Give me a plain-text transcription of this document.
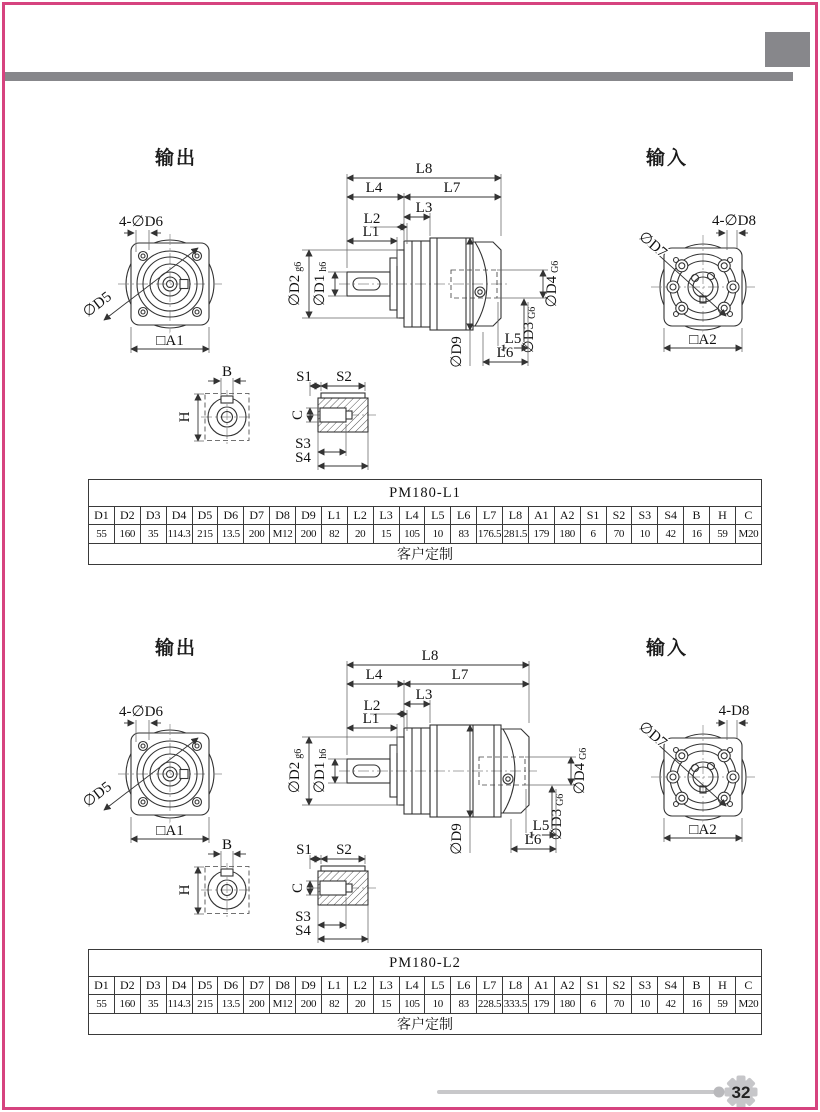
输出	输入
4-∅D6
∅D5
□A1
L8
L4	L7
L3
L2
L1
∅D2g6
∅D1h6
∅D4G6
∅D3G6
∅D9	L5
L6
∅D7
4-∅D8
□A2
B
H
S1 S2
C
S3
S4
PM180-L1																									
D1	D2	D3	D4	D5	D6	D7	D8	D9	L1	L2	L3	L4	L5	L6	L7	L8	A1	A2	S1	S2	S3	S4	B	H	C
55	160	35	114.3	215	13.5	200	M12	200	82	20	15	105	10	83	176.5	281.5	179	180	6	70	10	42	16	59	M20
客户定制																									
输出	输入
4-∅D6
∅D5
□A1
L8
L4	L7
L3
L2
L1
∅D2g6
∅D1h6
∅D4G6
∅D3G6
∅D9	L5
L6
∅D7
4-D8
□A2
B
H
S1 S2
C
S3
S4
PM180-L2																									
D1	D2	D3	D4	D5	D6	D7	D8	D9	L1	L2	L3	L4	L5	L6	L7	L8	A1	A2	S1	S2	S3	S4	B	H	C
55	160	35	114.3	215	13.5	200	M12	200	82	20	15	105	10	83	228.5	333.5	179	180	6	70	10	42	16	59	M20
客户定制																									
32
